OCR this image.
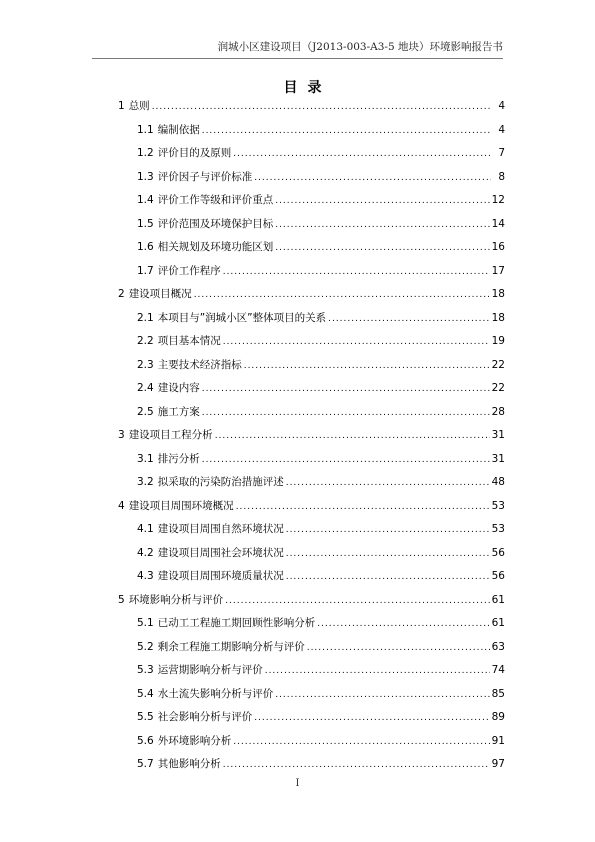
润城小区建设项目（J2013-003-A3-5 地块）环境影响报告书
目录
1 总则 .....	4
1.1 编制依据 .....	4
1.2 评价目的及原则 .....	7
1.3 评价因子与评价标准 .....	8
1.4 评价工作等级和评价重点 .....	12
1.5 评价范围及环境保护目标 .....	14
1.6 相关规划及环境功能区划 .....	16
1.7 评价工作程序 .....	17
2 建设项目概况 .....	18
2.1 本项目与”润城小区”整体项目的关系 .....	18
2.2 项目基本情况 .....	19
2.3 主要技术经济指标 .....	22
2.4 建设内容 .....	22
2.5 施工方案 .....	28
3 建设项目工程分析 .....	31
3.1 排污分析 .....	31
3.2 拟采取的污染防治措施评述 .....	48
4 建设项目周围环境概况 .....	53
4.1 建设项目周围自然环境状况 .....	53
4.2 建设项目周围社会环境状况 .....	56
4.3 建设项目周围环境质量状况 .....	56
5 环境影响分析与评价 .....	61
5.1 已动工工程施工期回顾性影响分析 .....	61
5.2 剩余工程施工期影响分析与评价 .....	63
5.3 运营期影响分析与评价 .....	74
5.4 水土流失影响分析与评价 .....	85
5.5 社会影响分析与评价 .....	89
5.6 外环境影响分析 .....	91
5.7 其他影响分析 .....	97
I
